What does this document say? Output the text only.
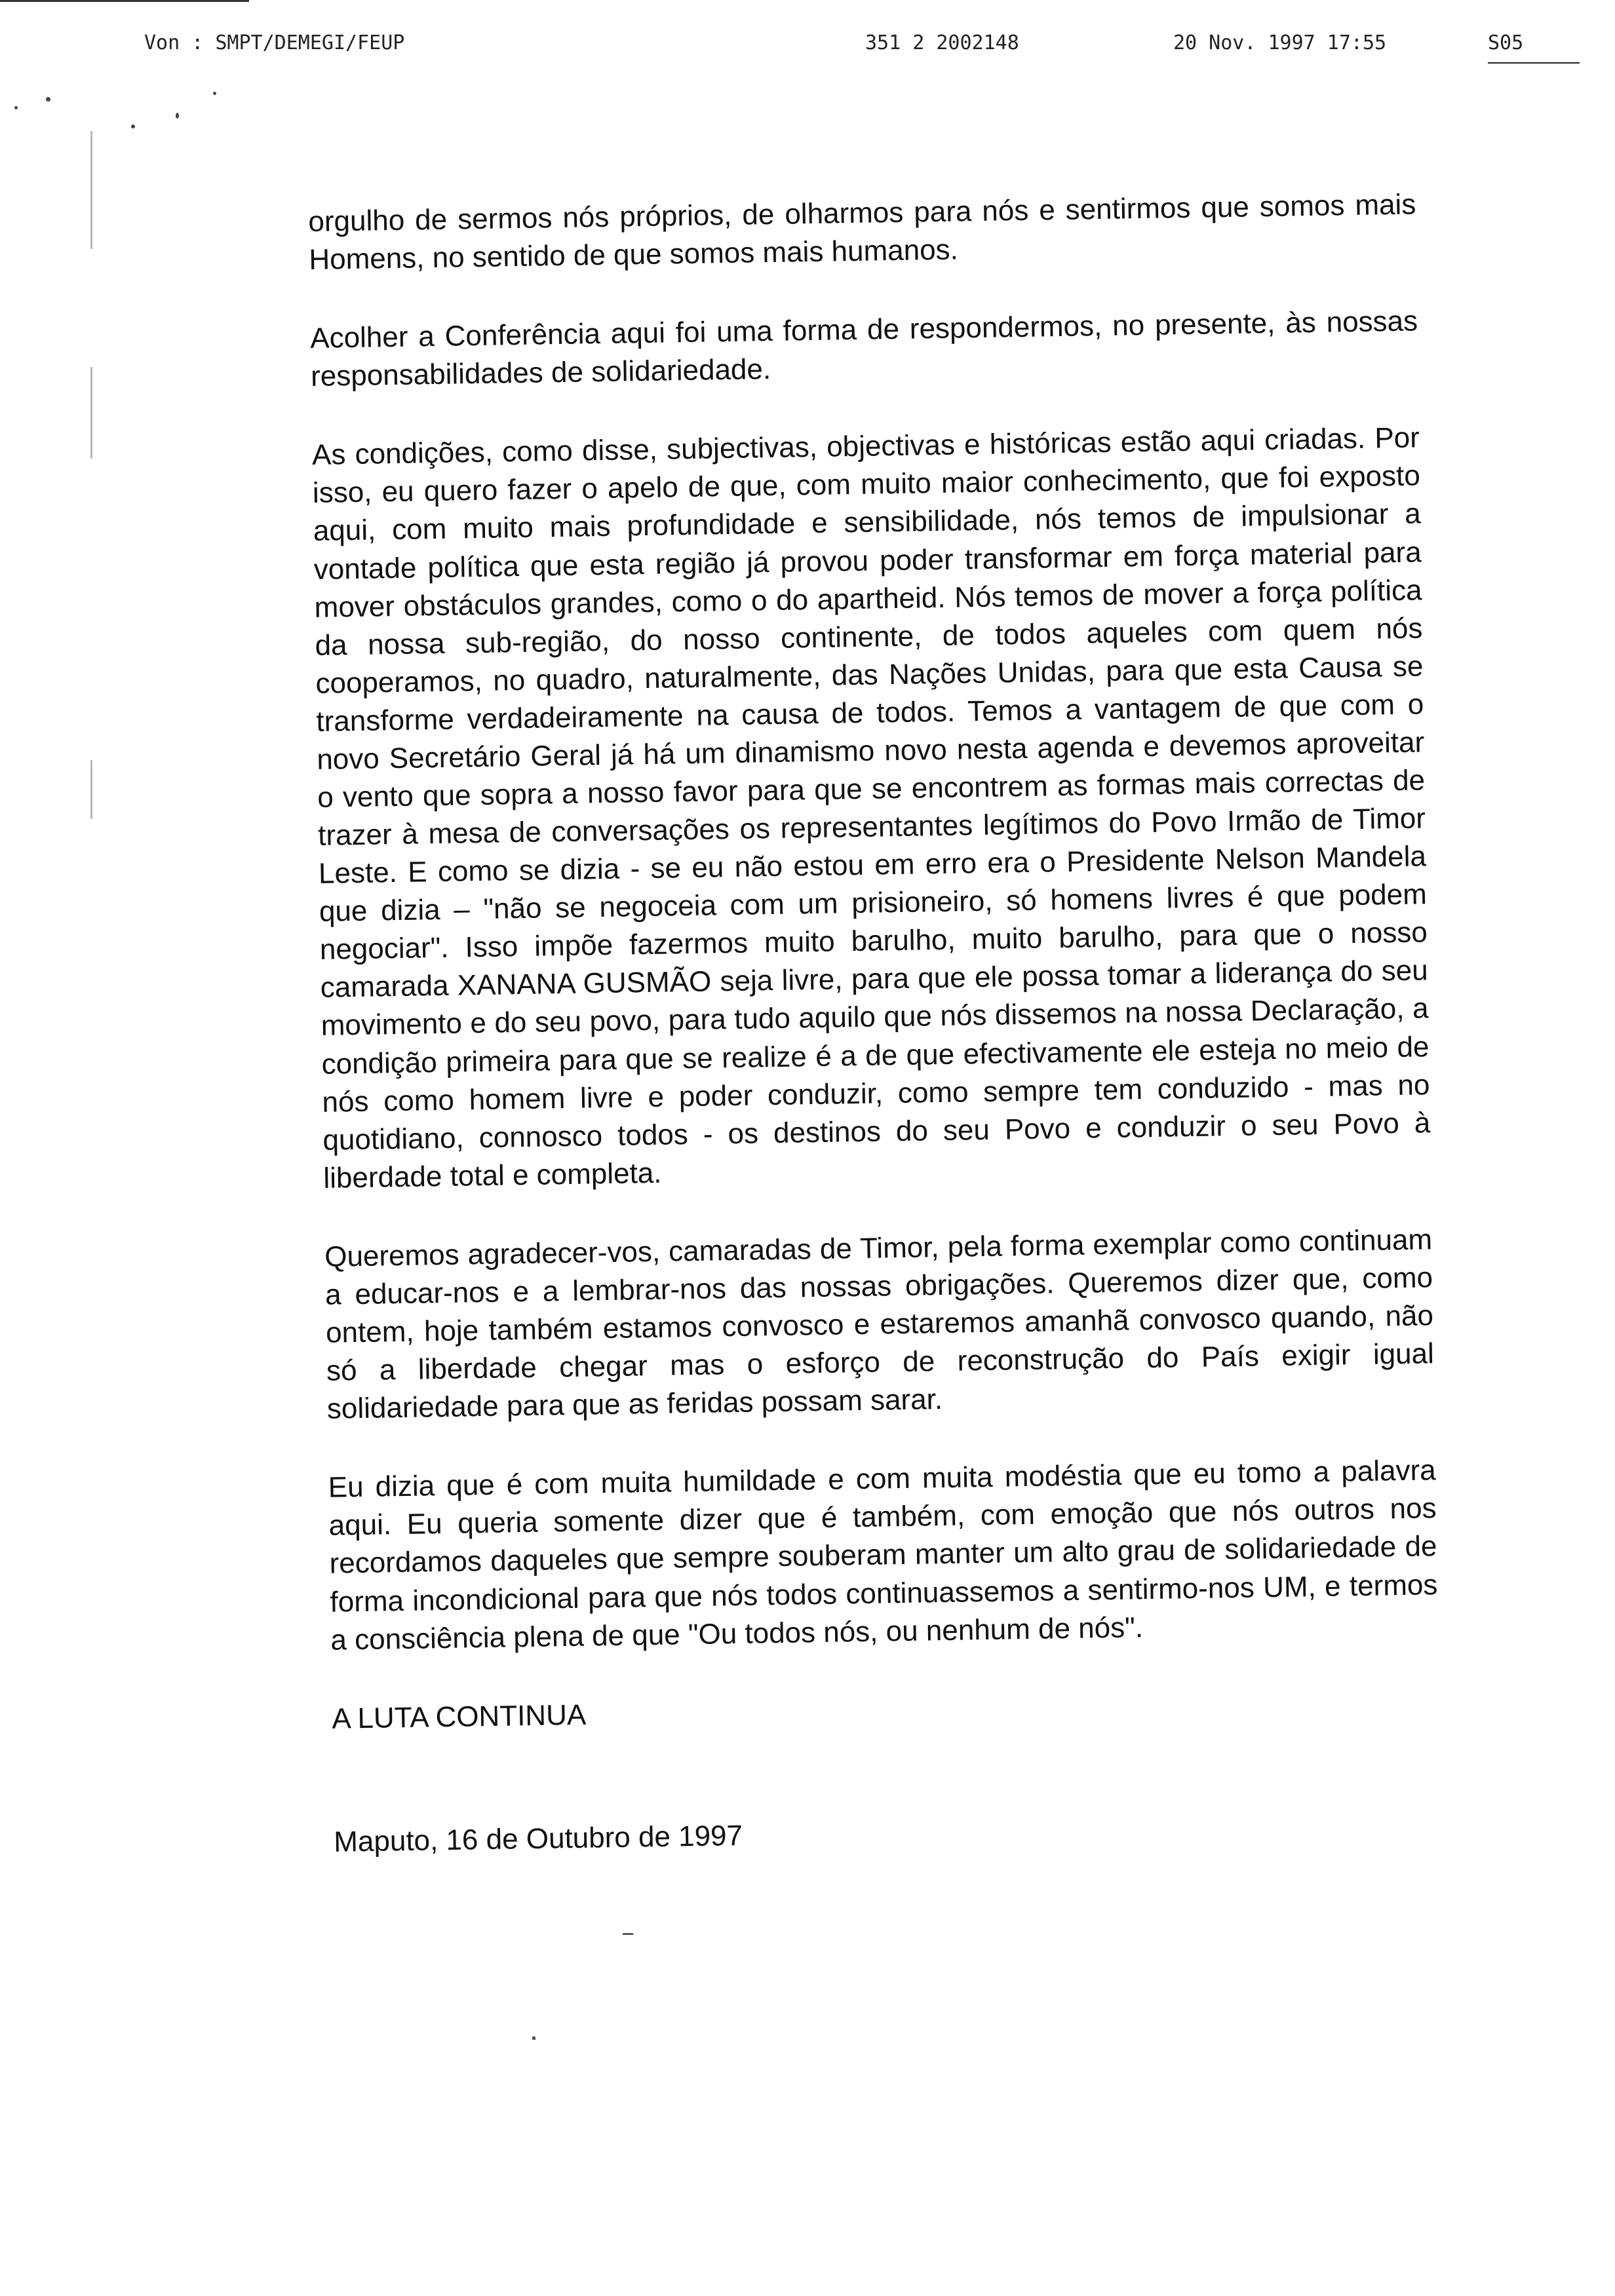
Von : SMPT/DEMEGI/FEUP	351 2 2002148	20 Nov. 1997 17:55	S05

orgulho de sermos nós próprios, de olharmos para nós e sentirmos que somos mais Homens, no sentido de que somos mais humanos.

Acolher a Conferência aqui foi uma forma de respondermos, no presente, às nossas responsabilidades de solidariedade.

As condições, como disse, subjectivas, objectivas e históricas estão aqui criadas. Por isso, eu quero fazer o apelo de que, com muito maior conhecimento, que foi exposto aqui, com muito mais profundidade e sensibilidade, nós temos de impulsionar a vontade política que esta região já provou poder transformar em força material para mover obstáculos grandes, como o do apartheid. Nós temos de mover a força política da nossa sub-região, do nosso continente, de todos aqueles com quem nós cooperamos, no quadro, naturalmente, das Nações Unidas, para que esta Causa se transforme verdadeiramente na causa de todos. Temos a vantagem de que com o novo Secretário Geral já há um dinamismo novo nesta agenda e devemos aproveitar o vento que sopra a nosso favor para que se encontrem as formas mais correctas de trazer à mesa de conversações os representantes legítimos do Povo Irmão de Timor Leste. E como se dizia - se eu não estou em erro era o Presidente Nelson Mandela que dizia – "não se negoceia com um prisioneiro, só homens livres é que podem negociar". Isso impõe fazermos muito barulho, muito barulho, para que o nosso camarada XANANA GUSMÃO seja livre, para que ele possa tomar a liderança do seu movimento e do seu povo, para tudo aquilo que nós dissemos na nossa Declaração, a condição primeira para que se realize é a de que efectivamente ele esteja no meio de nós como homem livre e poder conduzir, como sempre tem conduzido - mas no quotidiano, connosco todos - os destinos do seu Povo e conduzir o seu Povo à liberdade total e completa.

Queremos agradecer-vos, camaradas de Timor, pela forma exemplar como continuam a educar-nos e a lembrar-nos das nossas obrigações. Queremos dizer que, como ontem, hoje também estamos convosco e estaremos amanhã convosco quando, não só a liberdade chegar mas o esforço de reconstrução do País exigir igual solidariedade para que as feridas possam sarar.

Eu dizia que é com muita humildade e com muita modéstia que eu tomo a palavra aqui. Eu queria somente dizer que é também, com emoção que nós outros nos recordamos daqueles que sempre souberam manter um alto grau de solidariedade de forma incondicional para que nós todos continuassemos a sentirmo-nos UM, e termos a consciência plena de que "Ou todos nós, ou nenhum de nós".

A LUTA CONTINUA

Maputo, 16 de Outubro de 1997
